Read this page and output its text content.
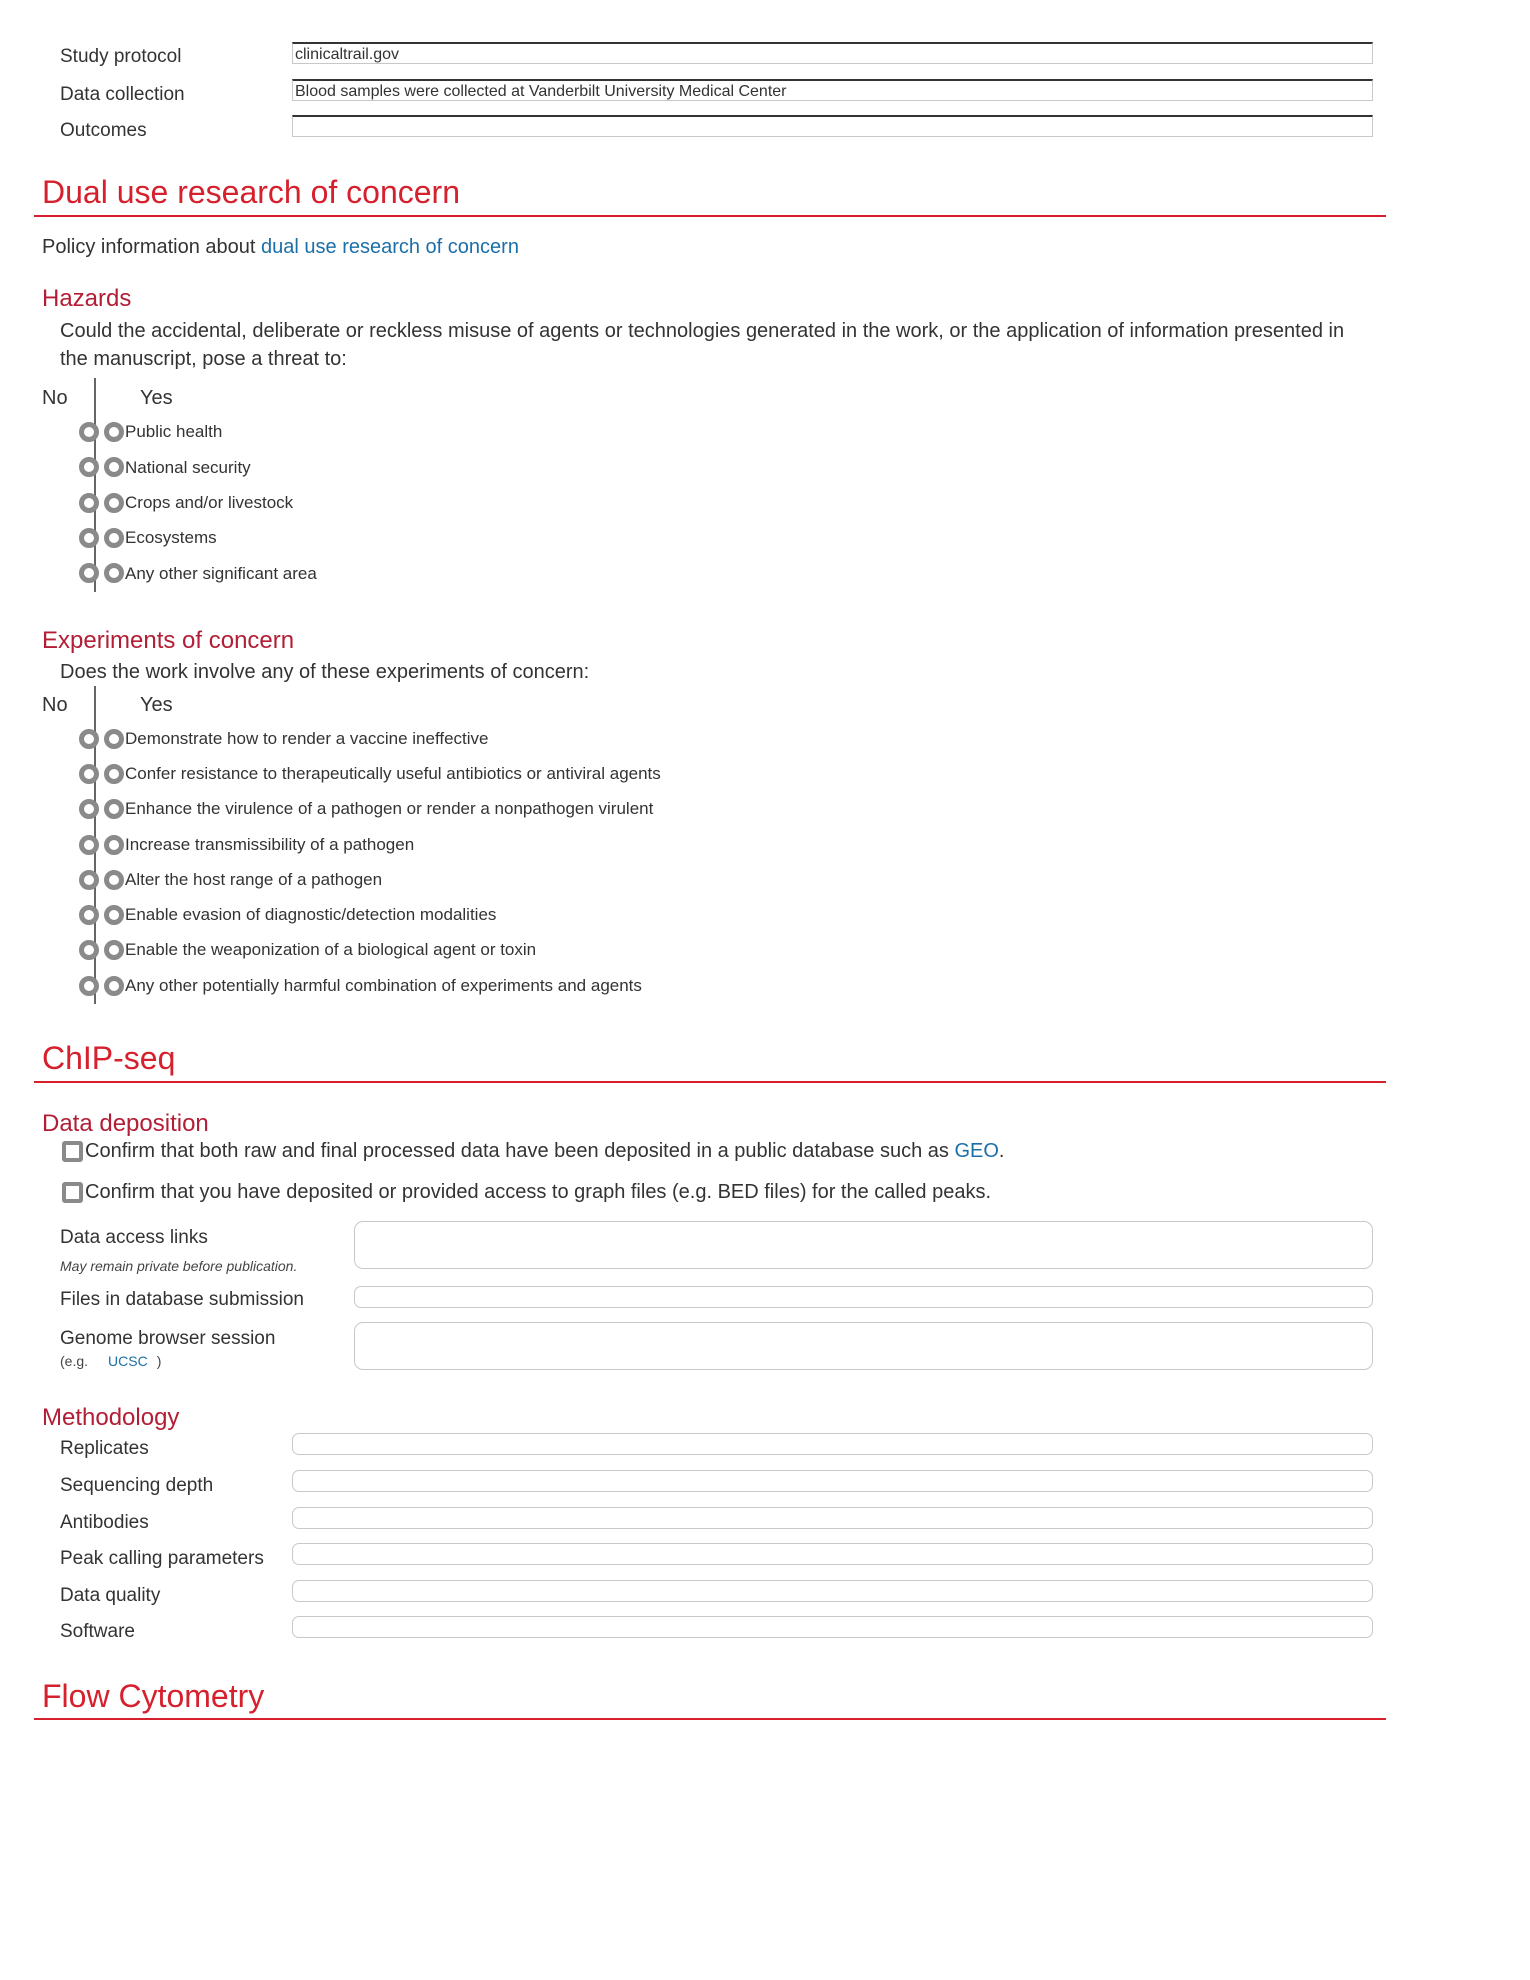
Study protocol	clinicaltrail.gov
Data collection	Blood samples were collected at Vanderbilt University Medical Center
Outcomes
Dual use research of concern
Policy information about dual use research of concern
Hazards
Could the accidental, deliberate or reckless misuse of agents or technologies generated in the work, or the application of information presented in
the manuscript, pose a threat to:
No	Yes
Public health
National security
Crops and/or livestock
Ecosystems
Any other significant area
Experiments of concern
Does the work involve any of these experiments of concern:
No	Yes
Demonstrate how to render a vaccine ineffective
Confer resistance to therapeutically useful antibiotics or antiviral agents
Enhance the virulence of a pathogen or render a nonpathogen virulent
Increase transmissibility of a pathogen
Alter the host range of a pathogen
Enable evasion of diagnostic/detection modalities
Enable the weaponization of a biological agent or toxin
Any other potentially harmful combination of experiments and agents
ChIP-seq
Data deposition
Confirm that both raw and final processed data have been deposited in a public database such as GEO.
Confirm that you have deposited or provided access to graph files (e.g. BED files) for the called peaks.
Data access links
May remain private before publication.
Files in database submission
Genome browser session
(e.g. UCSC )
Methodology
Replicates
Sequencing depth
Antibodies
Peak calling parameters
Data quality
Software
Flow Cytometry
